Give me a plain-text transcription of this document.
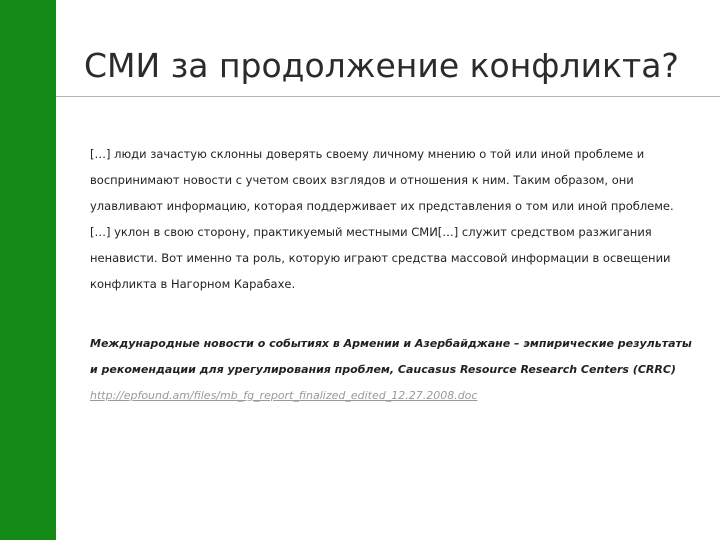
СМИ за продолжение конфликта?

[…] люди зачастую склонны доверять своему личному мнению о той или иной проблеме и воспринимают новости с учетом своих взглядов и отношения к ним. Таким образом, они улавливают информацию, которая поддерживает их представления о том или иной проблеме.

[…] уклон в свою сторону, практикуемый местными СМИ[…] служит средством разжигания ненависти. Вот именно та роль, которую играют средства массовой информации в освещении конфликта в Нагорном Карабахе.

Международные новости о событиях в Армении и Азербайджане – эмпирические результаты и рекомендации для урегулирования проблем, Caucasus Resource Research Centers (CRRC)

http://epfound.am/files/mb_fg_report_finalized_edited_12.27.2008.doc
